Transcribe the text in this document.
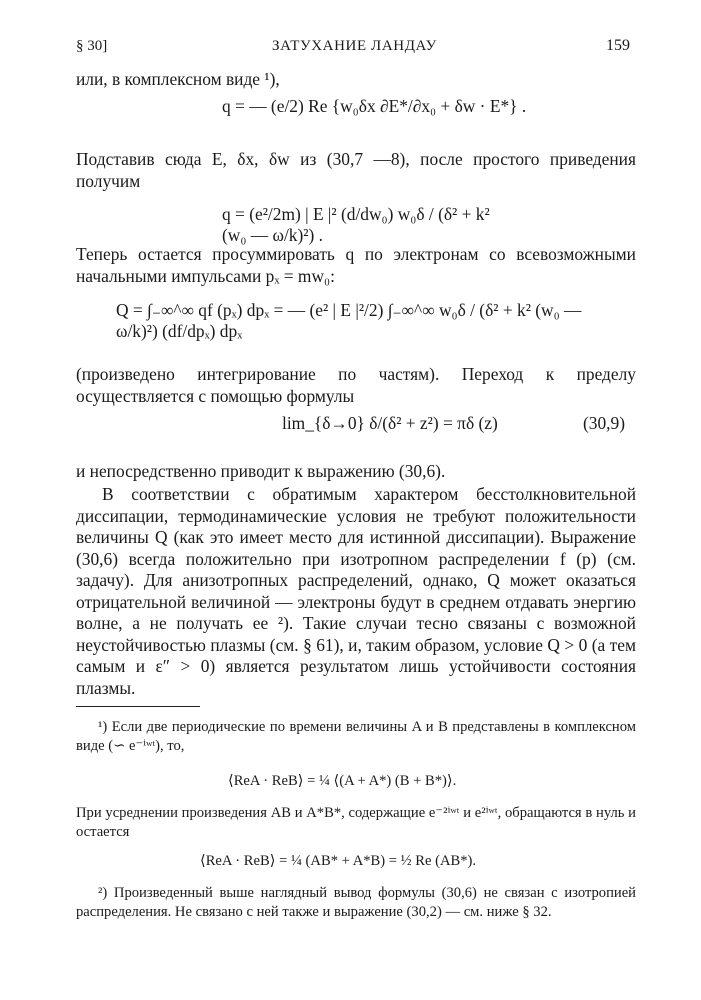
§ 30]	ЗАТУХАНИЕ ЛАНДАУ	159
или, в комплексном виде ¹),
q = — (e/2) Re {w₀δx ∂E*/∂x₀ + δw · E*} .
Подставив сюда E, δx, δw из (30,7 —8), после простого приведения получим
q = (e²/2m) | E |² (d/dw₀) w₀δ / (δ² + k² (w₀ — ω/k)²) .
Теперь остается просуммировать q по электронам со всевозможными начальными импульсами pₓ = mw₀:
Q = ∫₋∞^∞ qf (pₓ) dpₓ = — (e² | E |²/2) ∫₋∞^∞ w₀δ / (δ² + k² (w₀ — ω/k)²) (df/dpₓ) dpₓ
(произведено интегрирование по частям). Переход к пределу осуществляется с помощью формулы
lim_{δ→0} δ/(δ² + z²) = πδ (z)	(30,9)
и непосредственно приводит к выражению (30,6).
В соответствии с обратимым характером бесстолкновительной диссипации, термодинамические условия не требуют положительности величины Q (как это имеет место для истинной диссипации). Выражение (30,6) всегда положительно при изотропном распределении f (p) (см. задачу). Для анизотропных распределений, однако, Q может оказаться отрицательной величиной — электроны будут в среднем отдавать энергию волне, а не получать ее ²). Такие случаи тесно связаны с возможной неустойчивостью плазмы (см. § 61), и, таким образом, условие Q > 0 (а тем самым и ε″ > 0) является результатом лишь устойчивости состояния плазмы.
¹) Если две периодические по времени величины A и B представлены в комплексном виде (∽ e⁻ⁱʷᵗ), то,
⟨ReA · ReB⟩ = ¼ ⟨(A + A*) (B + B*)⟩.
При усреднении произведения AB и A*B*, содержащие e⁻²ⁱʷᵗ и e²ⁱʷᵗ, обращаются в нуль и остается
⟨ReA · ReB⟩ = ¼ (AB* + A*B) = ½ Re (AB*).
²) Произведенный выше наглядный вывод формулы (30,6) не связан с изотропией распределения. Не связано с ней также и выражение (30,2) — см. ниже § 32.
